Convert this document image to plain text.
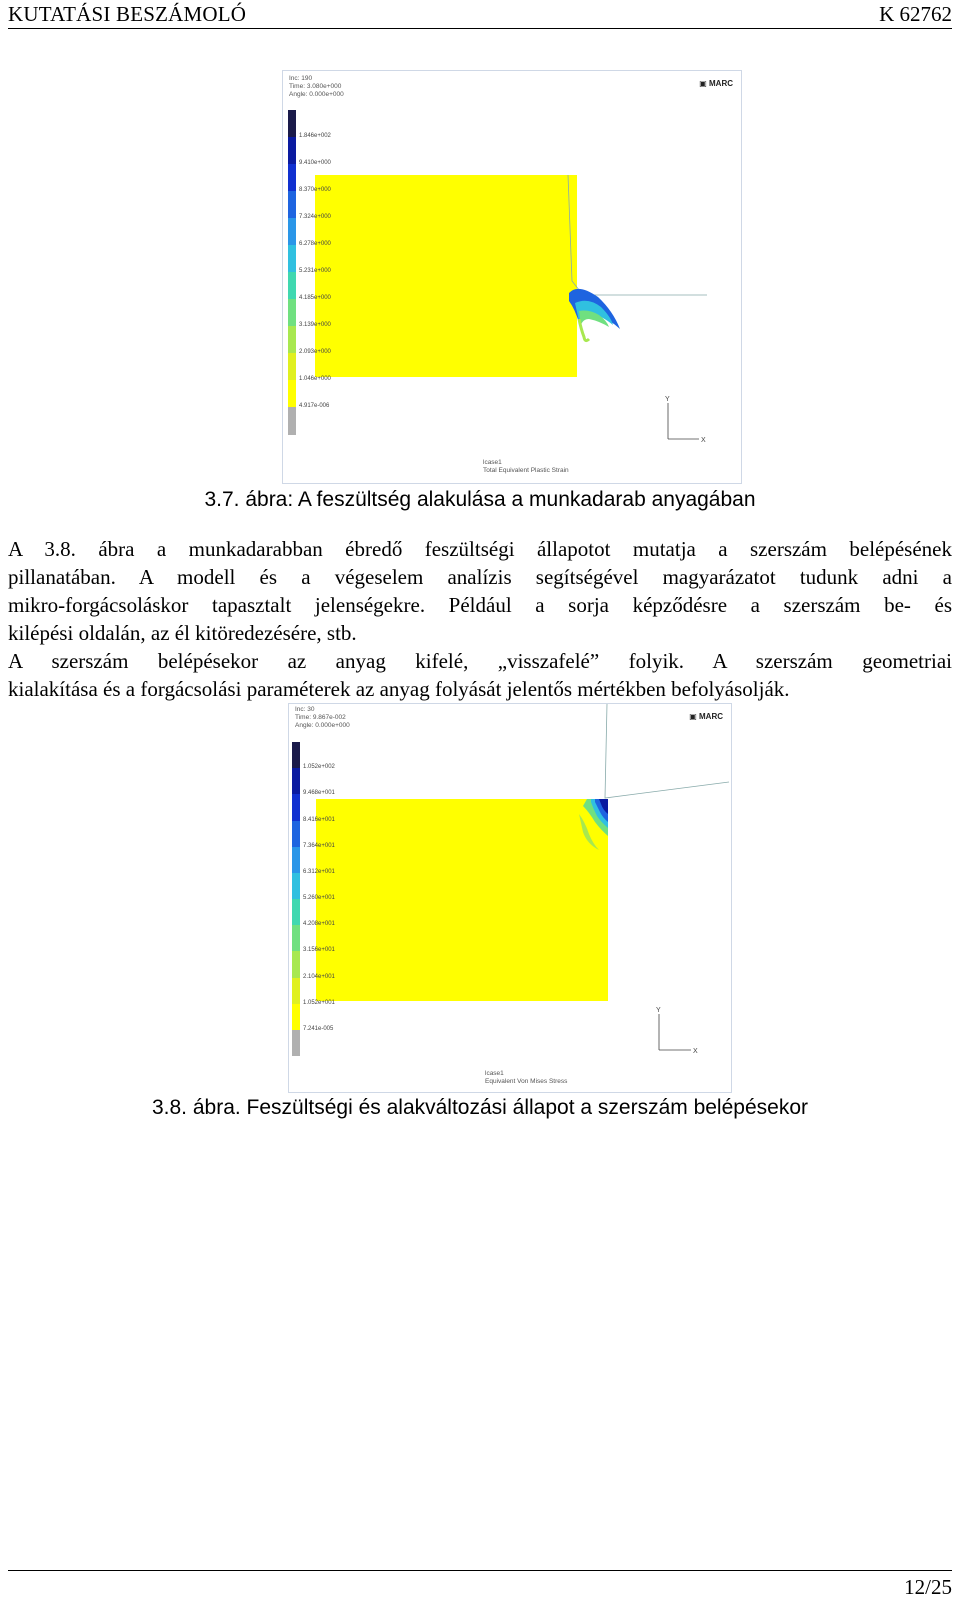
KUTATÁSI BESZÁMOLÓ	K 62762
Inc: 190
Time: 3.080e+000
Angle: 0.000e+000
▣ MARC
Y
X
1.846e+002
9.410e+000
8.370e+000
7.324e+000
6.278e+000
5.231e+000
4.185e+000
3.139e+000
2.093e+000
1.046e+000
4.917e-006
lcase1
Total Equivalent Plastic Strain
3.7. ábra: A feszültség alakulása a munkadarab anyagában
A 3.8. ábra a munkadarabban ébredő feszültségi állapotot mutatja a szerszám belépésének
pillanatában. A modell és a végeselem analízis segítségével magyarázatot tudunk adni a
mikro-forgácsoláskor tapasztalt jelenségekre. Például a sorja képződésre a szerszám be- és
kilépési oldalán, az él kitöredezésére, stb.
A szerszám belépésekor az anyag kifelé, „visszafelé” folyik. A szerszám geometriai
kialakítása és a forgácsolási paraméterek az anyag folyását jelentős mértékben befolyásolják.
Inc: 30
Time: 9.867e-002
Angle: 0.000e+000
▣ MARC
Y
X
1.052e+002
9.468e+001
8.416e+001
7.364e+001
6.312e+001
5.260e+001
4.208e+001
3.156e+001
2.104e+001
1.052e+001
7.241e-005
lcase1
Equivalent Von Mises Stress
3.8. ábra. Feszültségi és alakváltozási állapot a szerszám belépésekor
12/25
